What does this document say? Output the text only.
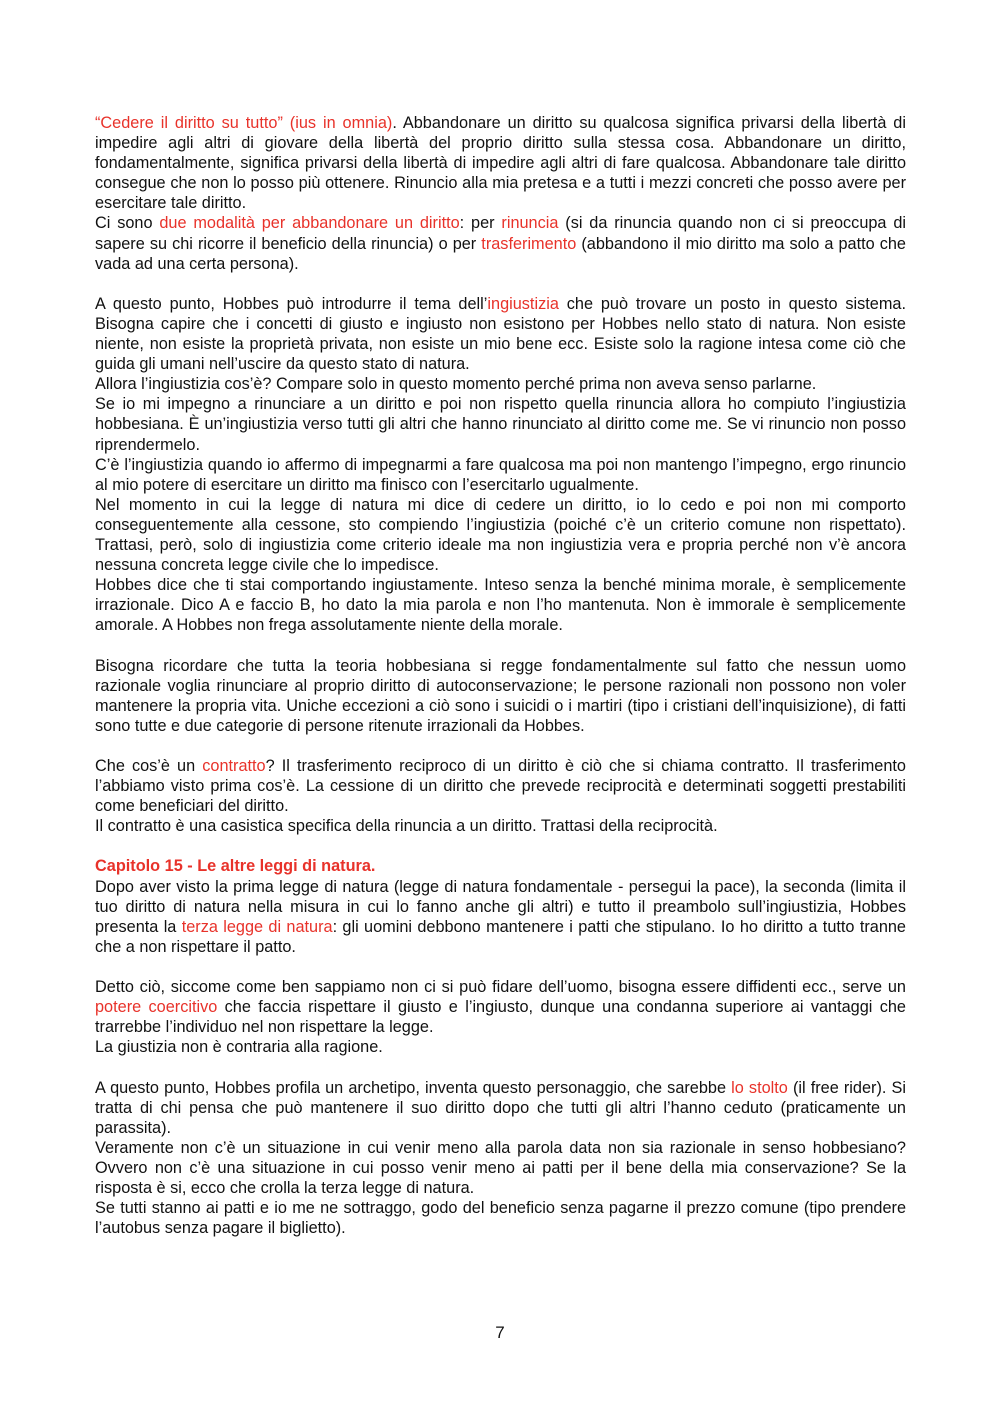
“Cedere il diritto su tutto” (ius in omnia). Abbandonare un diritto su qualcosa significa privarsi della libertà di impedire agli altri di giovare della libertà del proprio diritto sulla stessa cosa. Abbandonare un diritto, fondamentalmente, significa privarsi della libertà di impedire agli altri di fare qualcosa. Abbandonare tale diritto consegue che non lo posso più ottenere. Rinuncio alla mia pretesa e a tutti i mezzi concreti che posso avere per esercitare tale diritto.

Ci sono due modalità per abbandonare un diritto: per rinuncia (si da rinuncia quando non ci si preoccupa di sapere su chi ricorre il beneficio della rinuncia) o per trasferimento (abbandono il mio diritto ma solo a patto che vada ad una certa persona).

A questo punto, Hobbes può introdurre il tema dell’ingiustizia che può trovare un posto in questo sistema. Bisogna capire che i concetti di giusto e ingiusto non esistono per Hobbes nello stato di natura. Non esiste niente, non esiste la proprietà privata, non esiste un mio bene ecc. Esiste solo la ragione intesa come ciò che guida gli umani nell’uscire da questo stato di natura.

Allora l’ingiustizia cos’è? Compare solo in questo momento perché prima non aveva senso parlarne.

Se io mi impegno a rinunciare a un diritto e poi non rispetto quella rinuncia allora ho compiuto l’ingiustizia hobbesiana. È un’ingiustizia verso tutti gli altri che hanno rinunciato al diritto come me. Se vi rinuncio non posso riprendermelo.

C’è l’ingiustizia quando io affermo di impegnarmi a fare qualcosa ma poi non mantengo l’impegno, ergo rinuncio al mio potere di esercitare un diritto ma finisco con l’esercitarlo ugualmente.

Nel momento in cui la legge di natura mi dice di cedere un diritto, io lo cedo e poi non mi comporto conseguentemente alla cessone, sto compiendo l’ingiustizia (poiché c’è un criterio comune non rispettato). Trattasi, però, solo di ingiustizia come criterio ideale ma non ingiustizia vera e propria perché non v’è ancora nessuna concreta legge civile che lo impedisce.

Hobbes dice che ti stai comportando ingiustamente. Inteso senza la benché minima morale, è semplicemente irrazionale. Dico A e faccio B, ho dato la mia parola e non l’ho mantenuta. Non è immorale è semplicemente amorale. A Hobbes non frega assolutamente niente della morale.

Bisogna ricordare che tutta la teoria hobbesiana si regge fondamentalmente sul fatto che nessun uomo razionale voglia rinunciare al proprio diritto di autoconservazione; le persone razionali non possono non voler mantenere la propria vita. Uniche eccezioni a ciò sono i suicidi o i martiri (tipo i cristiani dell’inquisizione), di fatti sono tutte e due categorie di persone ritenute irrazionali da Hobbes.

Che cos’è un contratto? Il trasferimento reciproco di un diritto è ciò che si chiama contratto. Il trasferimento l’abbiamo visto prima cos’è. La cessione di un diritto che prevede reciprocità e determinati soggetti prestabiliti come beneficiari del diritto.

Il contratto è una casistica specifica della rinuncia a un diritto. Trattasi della reciprocità.

Capitolo 15 - Le altre leggi di natura.

Dopo aver visto la prima legge di natura (legge di natura fondamentale - persegui la pace), la seconda (limita il tuo diritto di natura nella misura in cui lo fanno anche gli altri) e tutto il preambolo sull’ingiustizia, Hobbes presenta la terza legge di natura: gli uomini debbono mantenere i patti che stipulano. Io ho diritto a tutto tranne che a non rispettare il patto.

Detto ciò, siccome come ben sappiamo non ci si può fidare dell’uomo, bisogna essere diffidenti ecc., serve un potere coercitivo che faccia rispettare il giusto e l’ingiusto, dunque una condanna superiore ai vantaggi che trarrebbe l’individuo nel non rispettare la legge.

La giustizia non è contraria alla ragione.

A questo punto, Hobbes profila un archetipo, inventa questo personaggio, che sarebbe lo stolto (il free rider). Si tratta di chi pensa che può mantenere il suo diritto dopo che tutti gli altri l’hanno ceduto (praticamente un parassita).

Veramente non c’è un situazione in cui venir meno alla parola data non sia razionale in senso hobbesiano? Ovvero non c’è una situazione in cui posso venir meno ai patti per il bene della mia conservazione? Se la risposta è si, ecco che crolla la terza legge di natura.

Se tutti stanno ai patti e io me ne sottraggo, godo del beneficio senza pagarne il prezzo comune (tipo prendere l’autobus senza pagare il biglietto).

7
